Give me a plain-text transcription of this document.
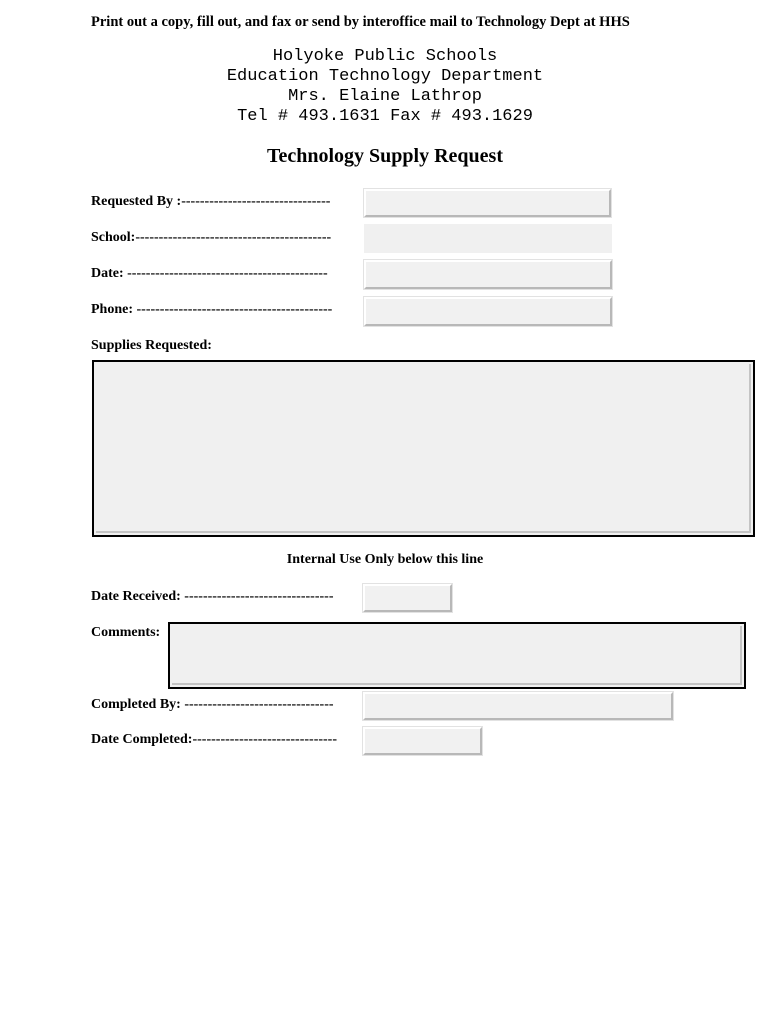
Print out a copy, fill out, and fax or send by interoffice mail to Technology Dept at HHS
Holyoke Public Schools
Education Technology Department
Mrs. Elaine Lathrop
Tel # 493.1631 Fax # 493.1629
Technology Supply Request
Requested By :--------------------------------
School:------------------------------------------
Date: -------------------------------------------
Phone: ------------------------------------------
Supplies Requested:
Internal Use Only below this line
Date Received: --------------------------------
Comments:
Completed By: --------------------------------
Date Completed:-------------------------------
